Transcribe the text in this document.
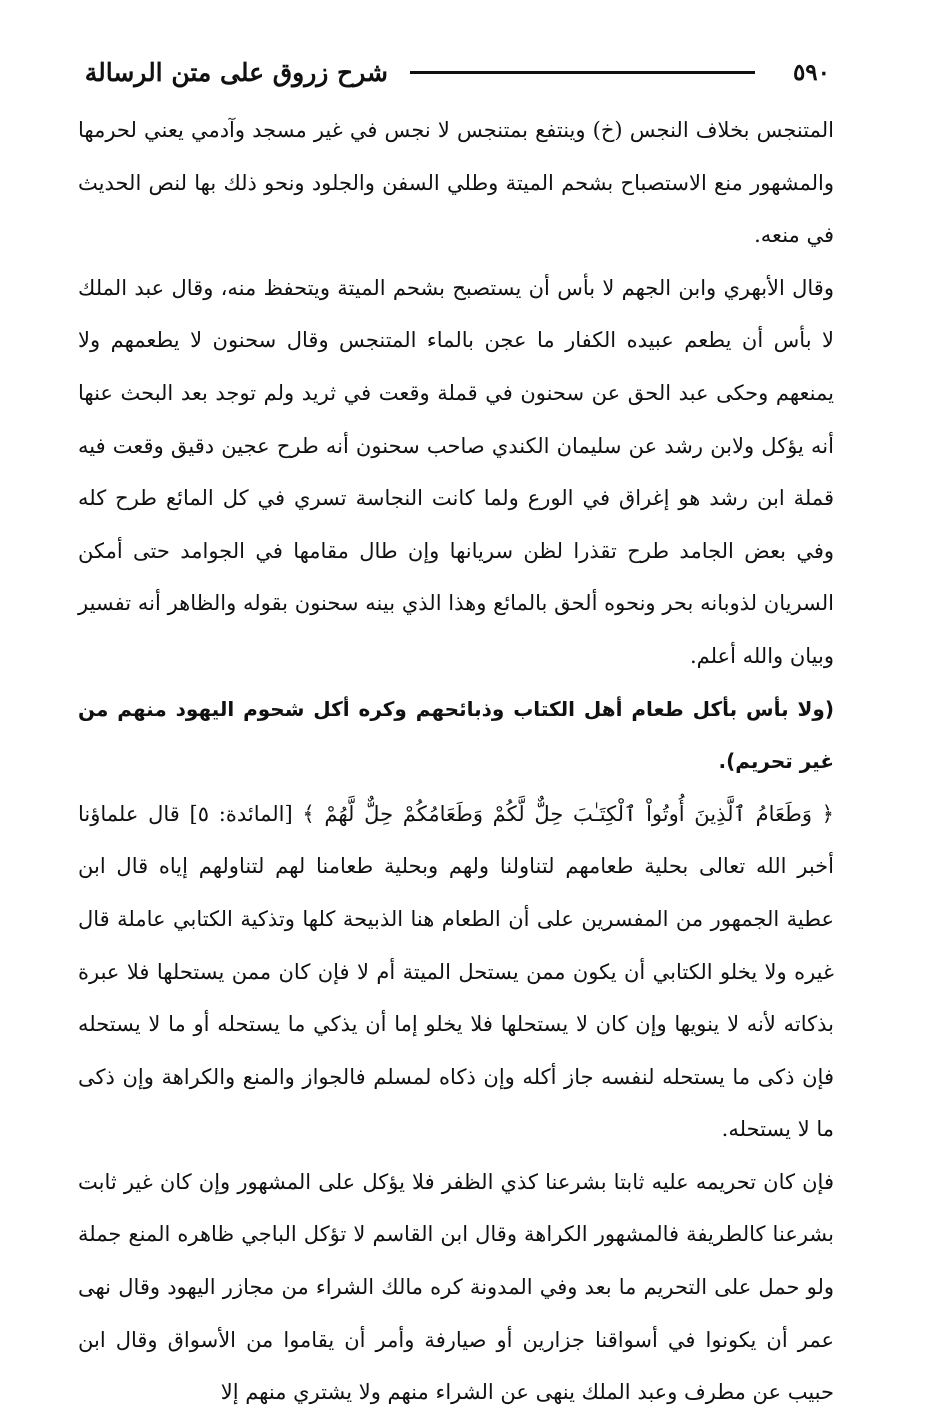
٥٩٠
شرح زروق على متن الرسالة

المتنجس بخلاف النجس (خ) وينتفع بمتنجس لا نجس في غير مسجد وآدمي يعني لحرمها والمشهور منع الاستصباح بشحم الميتة وطلي السفن والجلود ونحو ذلك بها لنص الحديث في منعه.

وقال الأبهري وابن الجهم لا بأس أن يستصبح بشحم الميتة ويتحفظ منه، وقال عبد الملك لا بأس أن يطعم عبيده الكفار ما عجن بالماء المتنجس وقال سحنون لا يطعمهم ولا يمنعهم وحكى عبد الحق عن سحنون في قملة وقعت في ثريد ولم توجد بعد البحث عنها أنه يؤكل ولابن رشد عن سليمان الكندي صاحب سحنون أنه طرح عجين دقيق وقعت فيه قملة ابن رشد هو إغراق في الورع ولما كانت النجاسة تسري في كل المائع طرح كله وفي بعض الجامد طرح تقذرا لظن سريانها وإن طال مقامها في الجوامد حتى أمكن السريان لذوبانه بحر ونحوه ألحق بالمائع وهذا الذي بينه سحنون بقوله والظاهر أنه تفسير وبيان والله أعلم.

(ولا بأس بأكل طعام أهل الكتاب وذبائحهم وكره أكل شحوم اليهود منهم من غير تحريم).

﴿ وَطَعَامُ ٱلَّذِينَ أُوتُواْ ٱلْكِتَـٰبَ حِلٌّ لَّكُمْ وَطَعَامُكُمْ حِلٌّ لَّهُمْ ﴾ [المائدة: ٥] قال علماؤنا أخبر الله تعالى بحلية طعامهم لتناولنا ولهم وبحلية طعامنا لهم لتناولهم إياه قال ابن عطية الجمهور من المفسرين على أن الطعام هنا الذبيحة كلها وتذكية الكتابي عاملة قال غيره ولا يخلو الكتابي أن يكون ممن يستحل الميتة أم لا فإن كان ممن يستحلها فلا عبرة بذكاته لأنه لا ينويها وإن كان لا يستحلها فلا يخلو إما أن يذكي ما يستحله أو ما لا يستحله فإن ذكى ما يستحله لنفسه جاز أكله وإن ذكاه لمسلم فالجواز والمنع والكراهة وإن ذكى ما لا يستحله.

فإن كان تحريمه عليه ثابتا بشرعنا كذي الظفر فلا يؤكل على المشهور وإن كان غير ثابت بشرعنا كالطريفة فالمشهور الكراهة وقال ابن القاسم لا تؤكل الباجي ظاهره المنع جملة ولو حمل على التحريم ما بعد وفي المدونة كره مالك الشراء من مجازر اليهود وقال نهى عمر أن يكونوا في أسواقنا جزارين أو صيارفة وأمر أن يقاموا من الأسواق وقال ابن حبيب عن مطرف وعبد الملك ينهى عن الشراء منهم ولا يشتري منهم إلا
